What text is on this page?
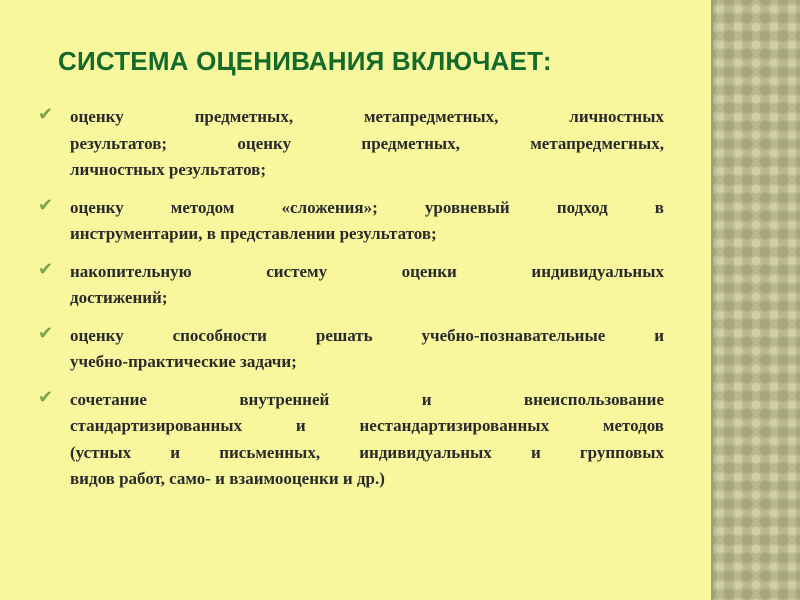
СИСТЕМА ОЦЕНИВАНИЯ ВКЛЮЧАЕТ:
✔ оценку предметных, метапредметных, личностных
результатов; оценку предметных, метапредмегных,
личностных результатов;
✔ оценку методом «сложения»; уровневый подход в
инструментарии, в представлении результатов;
✔ накопительную систему оценки индивидуальных
достижений;
✔ оценку способности решать учебно-познавательные и
учебно-практические задачи;
✔ сочетание внутренней и внеиспользование
стандартизированных и нестандартизированных методов
(устных и письменных, индивидуальных и групповых
видов работ, само- и взаимооценки и др.)
